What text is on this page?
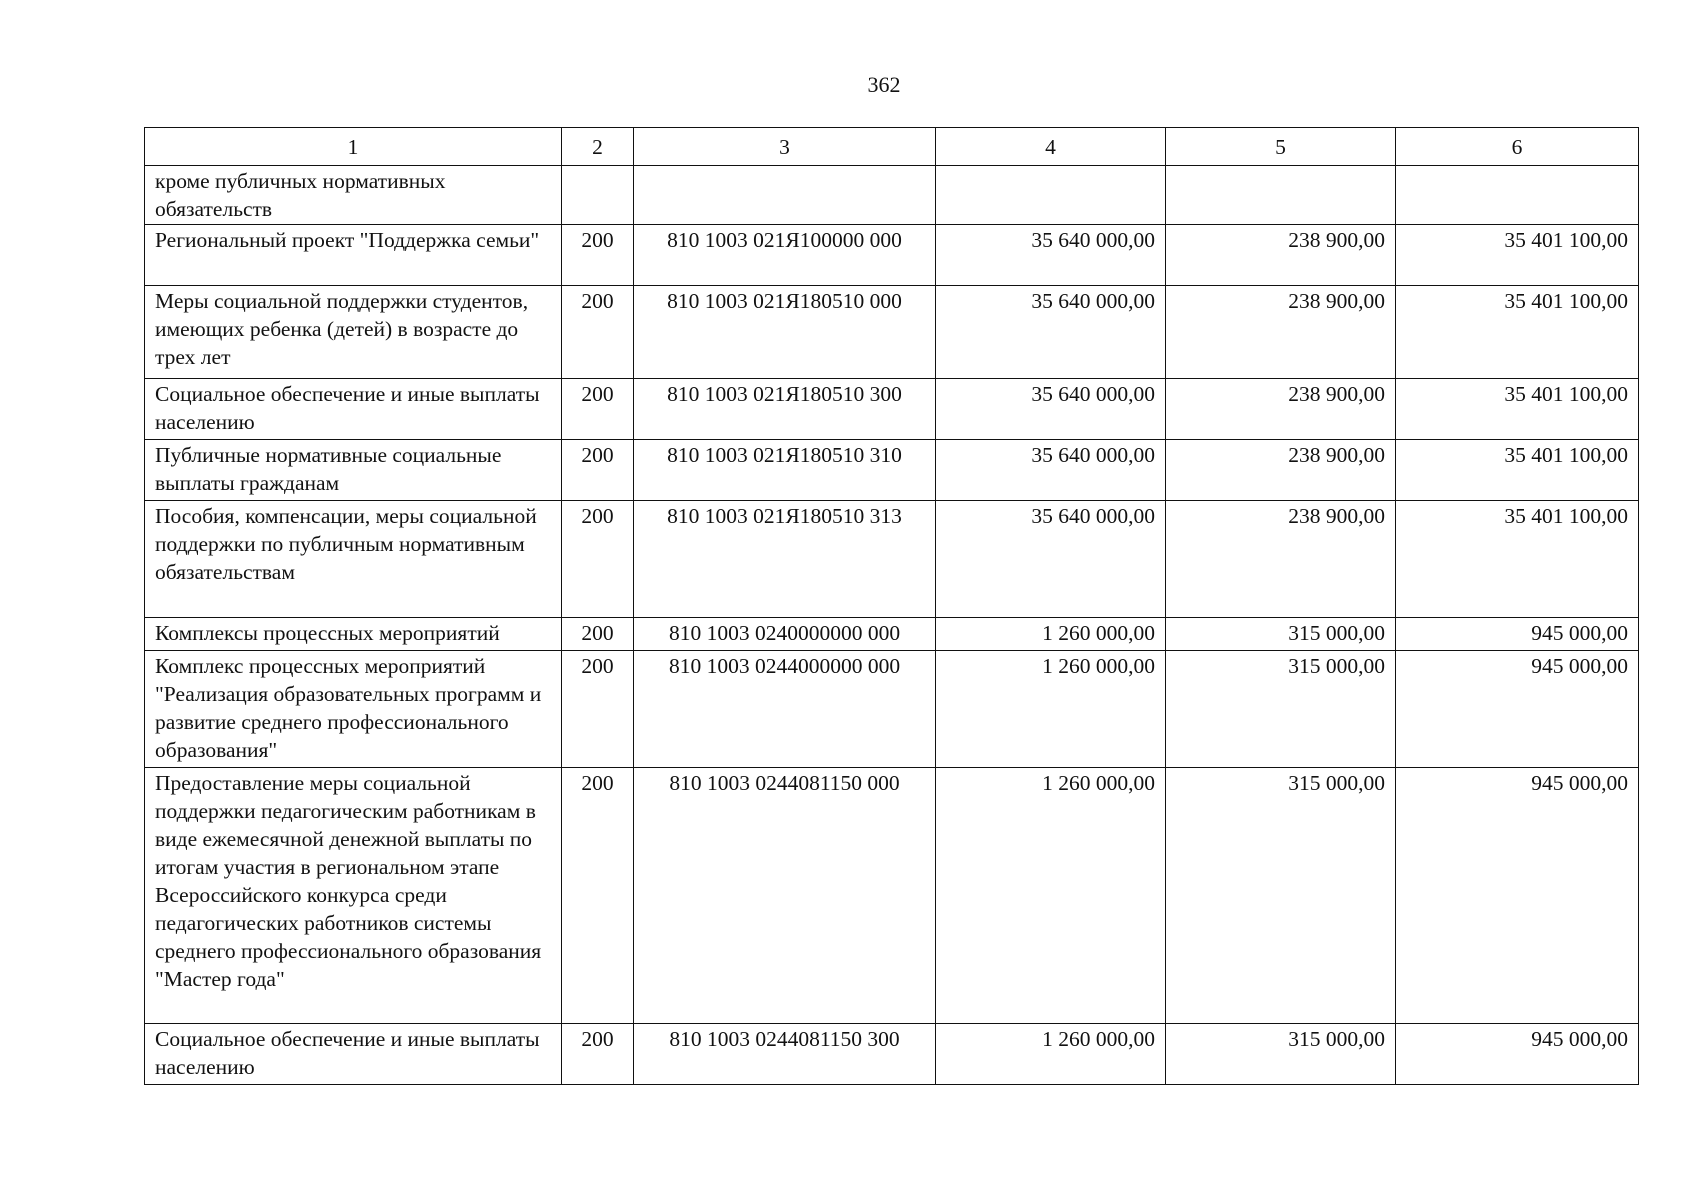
362
1	2	3	4	5	6
кроме публичных нормативных обязательств					
Региональный проект "Поддержка семьи"	200	810 1003 021Я100000 000	35 640 000,00	238 900,00	35 401 100,00
Меры социальной поддержки студентов, имеющих ребенка (детей) в возрасте до трех лет	200	810 1003 021Я180510 000	35 640 000,00	238 900,00	35 401 100,00
Социальное обеспечение и иные выплаты населению	200	810 1003 021Я180510 300	35 640 000,00	238 900,00	35 401 100,00
Публичные нормативные социальные выплаты гражданам	200	810 1003 021Я180510 310	35 640 000,00	238 900,00	35 401 100,00
Пособия, компенсации, меры социальной поддержки по публичным нормативным обязательствам	200	810 1003 021Я180510 313	35 640 000,00	238 900,00	35 401 100,00
Комплексы процессных мероприятий	200	810 1003 0240000000 000	1 260 000,00	315 000,00	945 000,00
Комплекс процессных мероприятий "Реализация образовательных программ и развитие среднего профессионального образования"	200	810 1003 0244000000 000	1 260 000,00	315 000,00	945 000,00
Предоставление меры социальной поддержки педагогическим работникам в виде ежемесячной денежной выплаты по итогам участия в региональном этапе Всероссийского конкурса среди педагогических работников системы среднего профессионального образования "Мастер года"	200	810 1003 0244081150 000	1 260 000,00	315 000,00	945 000,00
Социальное обеспечение и иные выплаты населению	200	810 1003 0244081150 300	1 260 000,00	315 000,00	945 000,00
